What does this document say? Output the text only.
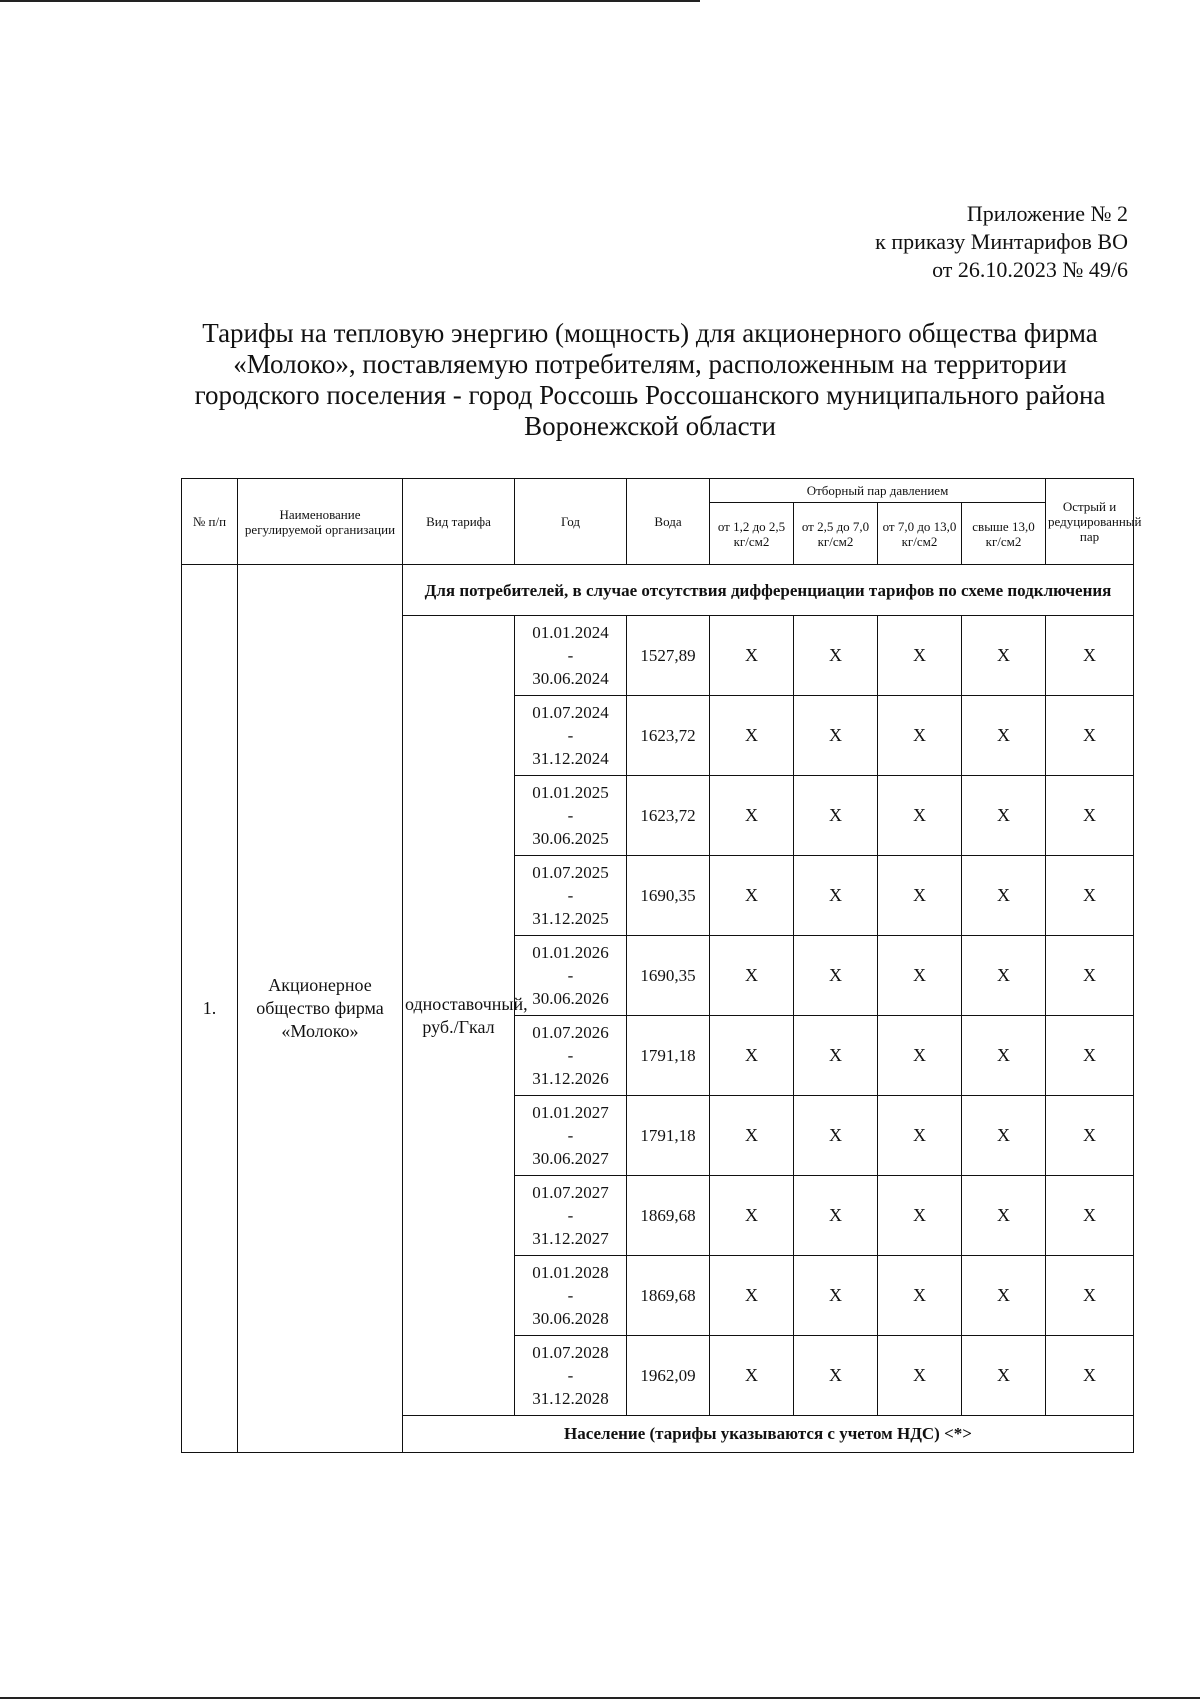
Приложение № 2
к приказу Минтарифов ВО
от 26.10.2023 № 49/6
Тарифы на тепловую энергию (мощность) для акционерного общества фирма «Молоко», поставляемую потребителям, расположенным на территории городского поселения - город Россошь Россошанского муниципального района Воронежской области
№ п/п	Наименование регулируемой организации	Вид тарифа	Год	Вода	Отборный пар давлением				Острый и редуцированный пар
					от 1,2 до 2,5 кг/см2	от 2,5 до 7,0 кг/см2	от 7,0 до 13,0 кг/см2	свыше 13,0 кг/см2	
1.	Акционерное общество фирма «Молоко»	Для потребителей, в случае отсутствия дифференциации тарифов по схеме подключения							
		одноставочный, руб./Гкал	01.01.2024
-
30.06.2024	1527,89	X	X	X	X	X

			01.07.2024
-
31.12.2024	1623,72	X	X	X	X	X

			01.01.2025
-
30.06.2025	1623,72	X	X	X	X	X

			01.07.2025
-
31.12.2025	1690,35	X	X	X	X	X

			01.01.2026
-
30.06.2026	1690,35	X	X	X	X	X

			01.07.2026
-
31.12.2026	1791,18	X	X	X	X	X

			01.01.2027
-
30.06.2027	1791,18	X	X	X	X	X

			01.07.2027
-
31.12.2027	1869,68	X	X	X	X	X

			01.01.2028
-
30.06.2028	1869,68	X	X	X	X	X

			01.07.2028
-
31.12.2028	1962,09	X	X	X	X	X
		Население (тарифы указываются с учетом НДС) <*>							
